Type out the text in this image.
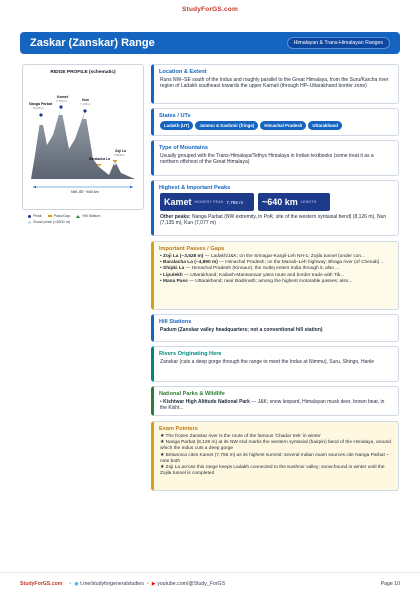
StudyForGS.com
Zaskar (Zanskar) Range	Himalayan & Trans-Himalayan Ranges
RIDGE PROFILE (schematic)
Nanga Parbat
8,126 m
Kamet
7,756 m	Nun
7,135 m
Baralacha La
Zoji La
3,528 m
NW–SE ~640 km
Peak	Pass/Gap	Hill Station
Snow peak (>4500 m)
Location & Extent
Runs NW–SE south of the Indus and roughly parallel to the Great Himalaya, from the Suru/Karcha river region of Ladakh southeast towards the upper Karnali (through HP–Uttarakhand border zone)
States / UTs
Ladakh (UT) Jammu & Kashmir (fringe) Himachal Pradesh Uttarakhand
Type of Mountains
Usually grouped with the Trans-Himalaya/Tethys Himalaya in Indian textbooks (some treat it as a northern offshoot of the Great Himalaya)
Highest & Important Peaks
Kamet HIGHEST PEAK 7,756 m ~640 km LENGTH
Other peaks: Nanga Parbat (NW extremity, in PoK; site of the western syntaxial bend) (8,126 m), Nun (7,135 m), Kun (7,077 m)
Important Passes / Gaps
• Zoji La (~3,528 m) — Ladakh/J&K; on the Srinagar-Kargil-Leh NH-1; Zojila tunnel (under con...
• Baralacha La (~4,890 m) — Himachal Pradesh; on the Manali–Leh highway; Bhaga river (of Chenab) ...
• Shipki La — Himachal Pradesh (Kinnaur); the Sutlej enters India through it; also ...
• Lipulekh — Uttarakhand; Kailash-Mansarovar yatra route and border trade with Tib...
• Mana Pass — Uttarakhand; near Badrinath; among the highest motorable passes; also...
Hill Stations
Padum (Zanskar valley headquarters; not a conventional hill station)
Rivers Originating Here
Zanskar (cuts a deep gorge through the range to meet the Indus at Nimmu), Suru, Shingo, Hanle
National Parks & Wildlife
• Kishtwar High Altitude National Park — J&K; snow leopard, Himalayan musk deer, brown bear, in the Kisht...
Exam Pointers
★ The frozen Zanskar river is the route of the famous 'Chadar trek' in winter
★ Nanga Parbat (8,126 m) at its NW end marks the western syntaxial (hairpin) bend of the Himalaya, around which the Indus cuts a deep gorge
★ Britannica cites Kamet (7,756 m) as its highest summit; several Indian exam sources cite Nanga Parbat – note both
★ Zoji La across this range keeps Ladakh connected to the Kashmir valley; snow-bound in winter until the Zojila tunnel is completed
StudyForGS.com • ◉
t.me/studyforgeneralstudies • ▶
youtube.com/@Study_ForGS	Page 10
